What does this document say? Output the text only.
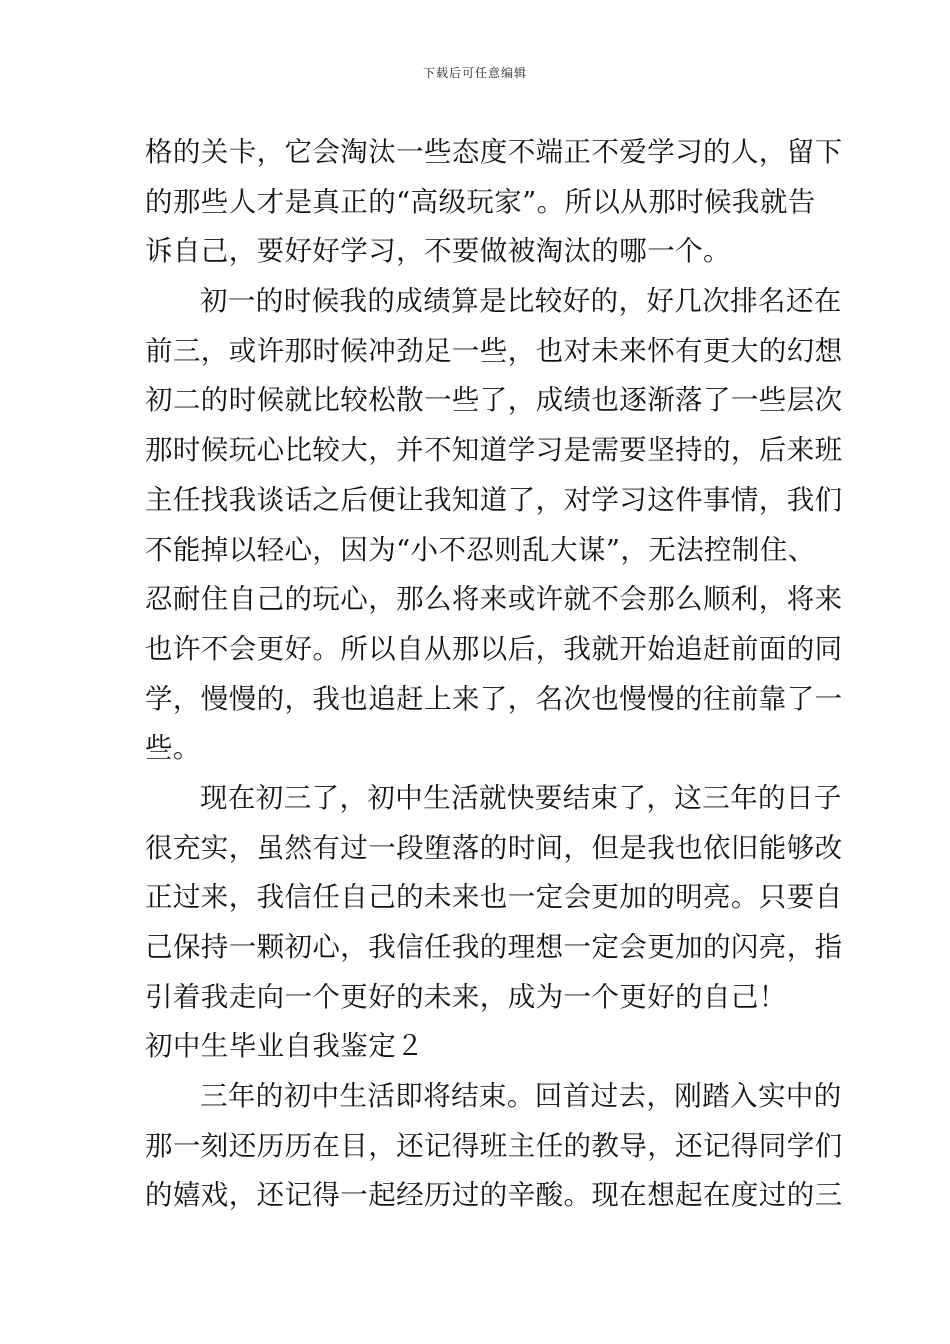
下载后可任意编辑
格的关卡，它会淘汰一些态度不端正不爱学习的人，留下
的那些人才是真正的“高级玩家”。所以从那时候我就告
诉自己，要好好学习，不要做被淘汰的哪一个。
初一的时候我的成绩算是比较好的，好几次排名还在
前三，或许那时候冲劲足一些，也对未来怀有更大的幻想
初二的时候就比较松散一些了，成绩也逐渐落了一些层次
那时候玩心比较大，并不知道学习是需要坚持的，后来班
主任找我谈话之后便让我知道了，对学习这件事情，我们
不能掉以轻心，因为“小不忍则乱大谋”，无法控制住、
忍耐住自己的玩心，那么将来或许就不会那么顺利，将来
也许不会更好。所以自从那以后，我就开始追赶前面的同
学，慢慢的，我也追赶上来了，名次也慢慢的往前靠了一
些。
现在初三了，初中生活就快要结束了，这三年的日子
很充实，虽然有过一段堕落的时间，但是我也依旧能够改
正过来，我信任自己的未来也一定会更加的明亮。只要自
己保持一颗初心，我信任我的理想一定会更加的闪亮，指
引着我走向一个更好的未来，成为一个更好的自己！
初中生毕业自我鉴定２
三年的初中生活即将结束。回首过去，刚踏入实中的
那一刻还历历在目，还记得班主任的教导，还记得同学们
的嬉戏，还记得一起经历过的辛酸。现在想起在度过的三
